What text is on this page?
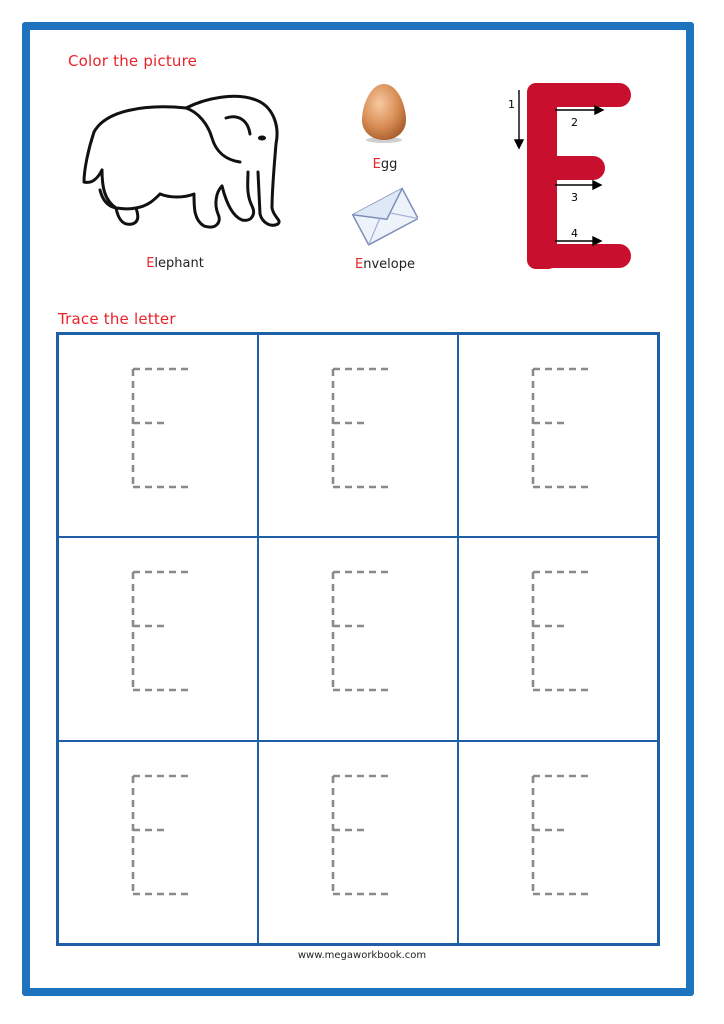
Color the picture
Elephant
Egg
Envelope
1
2
3
4
Trace the letter
www.megaworkbook.com
